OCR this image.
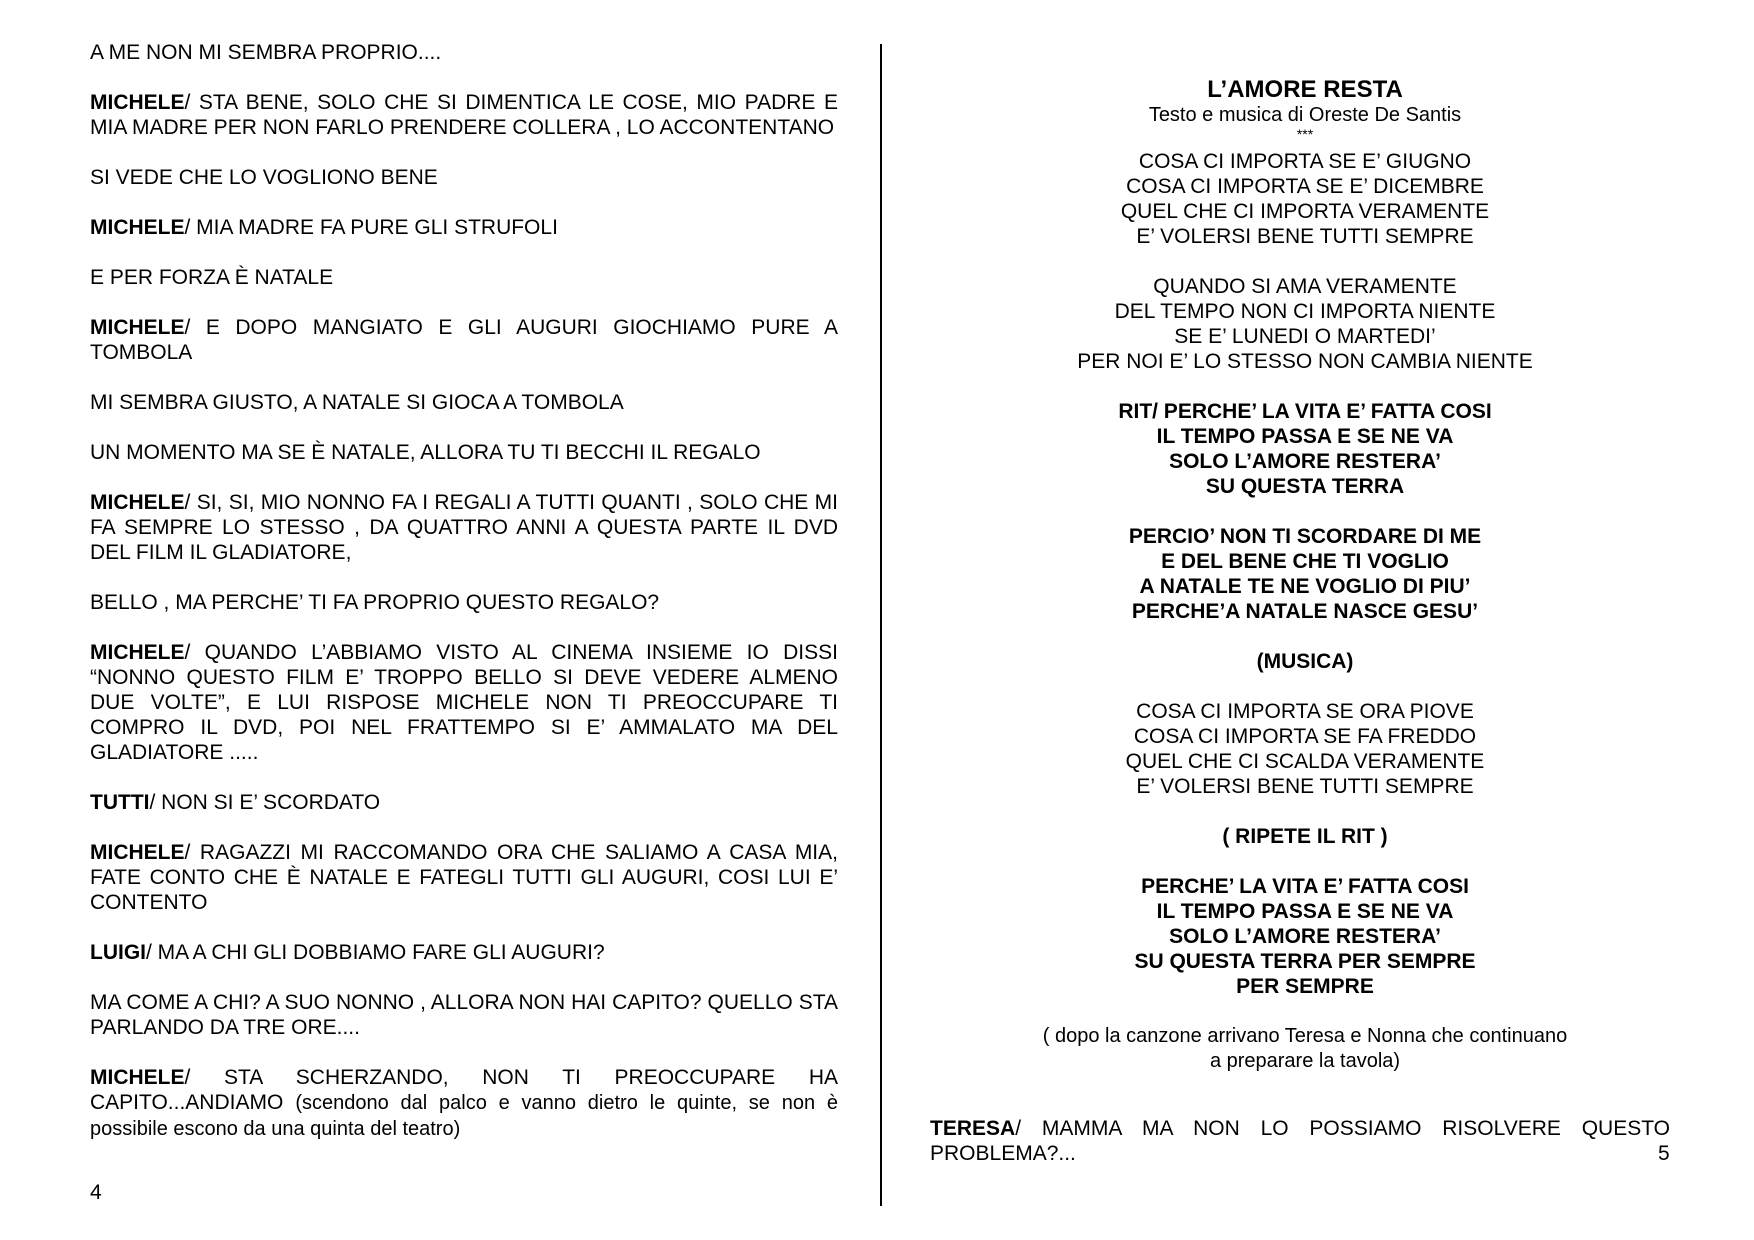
A ME NON MI SEMBRA PROPRIO....

MICHELE/ STA BENE, SOLO CHE SI DIMENTICA LE COSE, MIO PADRE E MIA MADRE PER NON FARLO PRENDERE COLLERA , LO ACCONTENTANO

SI VEDE CHE LO VOGLIONO BENE

MICHELE/ MIA MADRE FA PURE GLI STRUFOLI

E PER FORZA È NATALE

MICHELE/ E DOPO MANGIATO E GLI AUGURI GIOCHIAMO PURE A TOMBOLA

MI SEMBRA GIUSTO, A NATALE SI GIOCA A TOMBOLA

UN MOMENTO MA SE È NATALE, ALLORA TU TI BECCHI IL REGALO

MICHELE/ SI, SI, MIO NONNO FA I REGALI A TUTTI QUANTI , SOLO CHE MI FA SEMPRE LO STESSO , DA QUATTRO ANNI A QUESTA PARTE IL DVD DEL FILM IL GLADIATORE,

BELLO , MA PERCHE’ TI FA PROPRIO QUESTO REGALO?

MICHELE/ QUANDO L’ABBIAMO VISTO AL CINEMA INSIEME IO DISSI “NONNO QUESTO FILM E’ TROPPO BELLO SI DEVE VEDERE ALMENO DUE VOLTE”, E LUI RISPOSE MICHELE NON TI PREOCCUPARE TI COMPRO IL DVD, POI NEL FRATTEMPO SI E’ AMMALATO MA DEL GLADIATORE .....

TUTTI/ NON SI E’ SCORDATO

MICHELE/ RAGAZZI MI RACCOMANDO ORA CHE SALIAMO A CASA MIA, FATE CONTO CHE È NATALE E FATEGLI TUTTI GLI AUGURI, COSI LUI E’ CONTENTO

LUIGI/ MA A CHI GLI DOBBIAMO FARE GLI AUGURI?

MA COME A CHI? A SUO NONNO , ALLORA NON HAI CAPITO? QUELLO STA PARLANDO DA TRE ORE....

MICHELE/ STA SCHERZANDO, NON TI PREOCCUPARE HA CAPITO...ANDIAMO (scendono dal palco e vanno dietro le quinte, se non è possibile escono da una quinta del teatro)

4
L’AMORE RESTA
Testo e musica di Oreste De Santis
***
COSA CI IMPORTA SE E’ GIUGNO
COSA CI IMPORTA SE E’ DICEMBRE
QUEL CHE CI IMPORTA VERAMENTE
E’ VOLERSI BENE TUTTI SEMPRE
QUANDO SI AMA VERAMENTE
DEL TEMPO NON CI IMPORTA NIENTE
SE E’ LUNEDI O MARTEDI’
PER NOI E’ LO STESSO NON CAMBIA NIENTE
RIT/ PERCHE’ LA VITA E’ FATTA COSI
IL TEMPO PASSA E SE NE VA
SOLO L’AMORE RESTERA’
SU QUESTA TERRA
PERCIO’ NON TI SCORDARE DI ME
E DEL BENE CHE TI VOGLIO
A NATALE TE NE VOGLIO DI PIU’
PERCHE’A NATALE NASCE GESU’
(MUSICA)
COSA CI IMPORTA SE ORA PIOVE
COSA CI IMPORTA SE FA FREDDO
QUEL CHE CI SCALDA VERAMENTE
E’ VOLERSI BENE TUTTI SEMPRE
( RIPETE IL RIT )
PERCHE’ LA VITA E’ FATTA COSI
IL TEMPO PASSA E SE NE VA
SOLO L’AMORE RESTERA’
SU QUESTA TERRA PER SEMPRE
PER SEMPRE
( dopo la canzone arrivano Teresa e Nonna che continuano
a preparare la tavola)
TERESA/ MAMMA MA NON LO POSSIAMO RISOLVERE QUESTO PROBLEMA?...	5
